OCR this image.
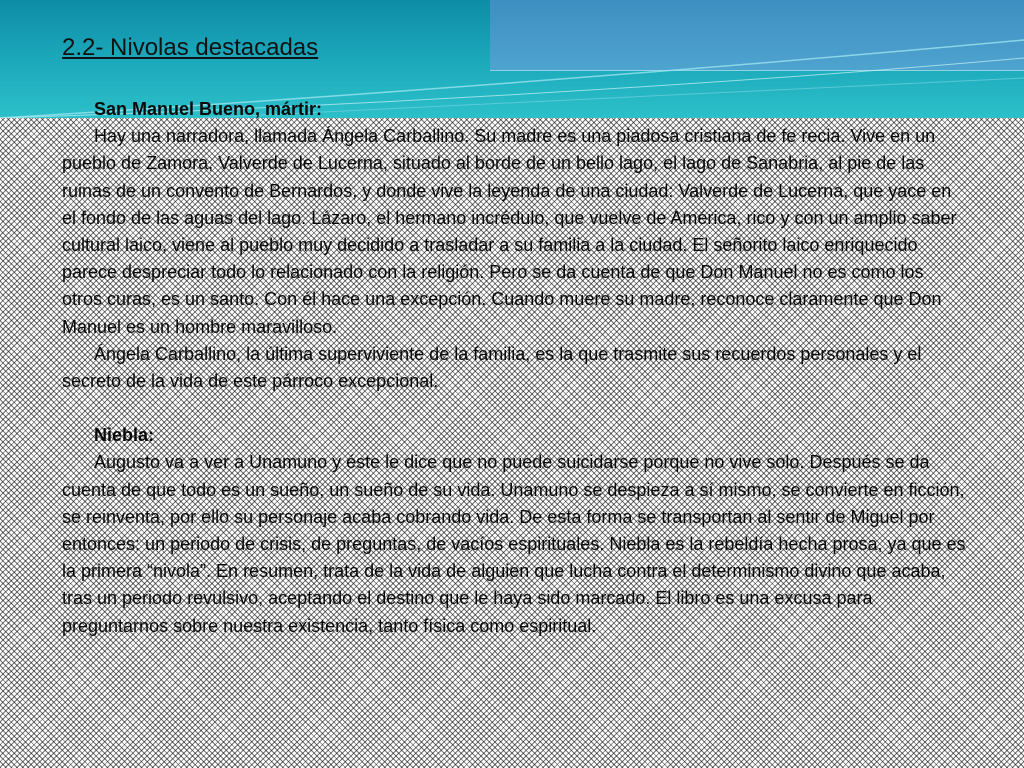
2.2- Nivolas destacadas

San Manuel Bueno, mártir:

Hay una narradora, llamada Ángela Carballino. Su madre es una piadosa cristiana de fe recia. Vive en un pueblo de Zamora, Valverde de Lucerna, situado al borde de un bello lago, el lago de Sanabria, al pie de las ruinas de un convento de Bernardos, y donde vive la leyenda de una ciudad: Valverde de Lucerna, que yace en el fondo de las aguas del lago. Lázaro, el hermano incrédulo, que vuelve de América, rico y con un amplio saber cultural laico, viene al pueblo muy decidido a trasladar a su familia a la ciudad. El señorito laico enriquecido parece despreciar todo lo relacionado con la religión. Pero se da cuenta de que Don Manuel no es como los otros curas, es un santo. Con él hace una excepción. Cuando muere su madre, reconoce claramente que Don Manuel es un hombre maravilloso.

Ángela Carballino, la última superviviente de la familia, es la que trasmite sus recuerdos personales y el secreto de la vida de este párroco excepcional.

Niebla:

Augusto va a ver a Unamuno y éste le dice que no puede suicidarse porque no vive solo. Después se da cuenta de que todo es un sueño, un sueño de su vida. Unamuno se despieza a sí mismo, se convierte en ficción, se reinventa, por ello su personaje acaba cobrando vida. De esta forma se transportan al sentir de Miguel por entonces: un periodo de crisis, de preguntas, de vacíos espirituales. Niebla es la rebeldía hecha prosa, ya que es la primera “nivola”. En resumen, trata de la vida de alguien que lucha contra el determinismo divino que acaba, tras un periodo revulsivo, aceptando el destino que le haya sido marcado. El libro es una excusa para preguntarnos sobre nuestra existencia, tanto física como espiritual.
